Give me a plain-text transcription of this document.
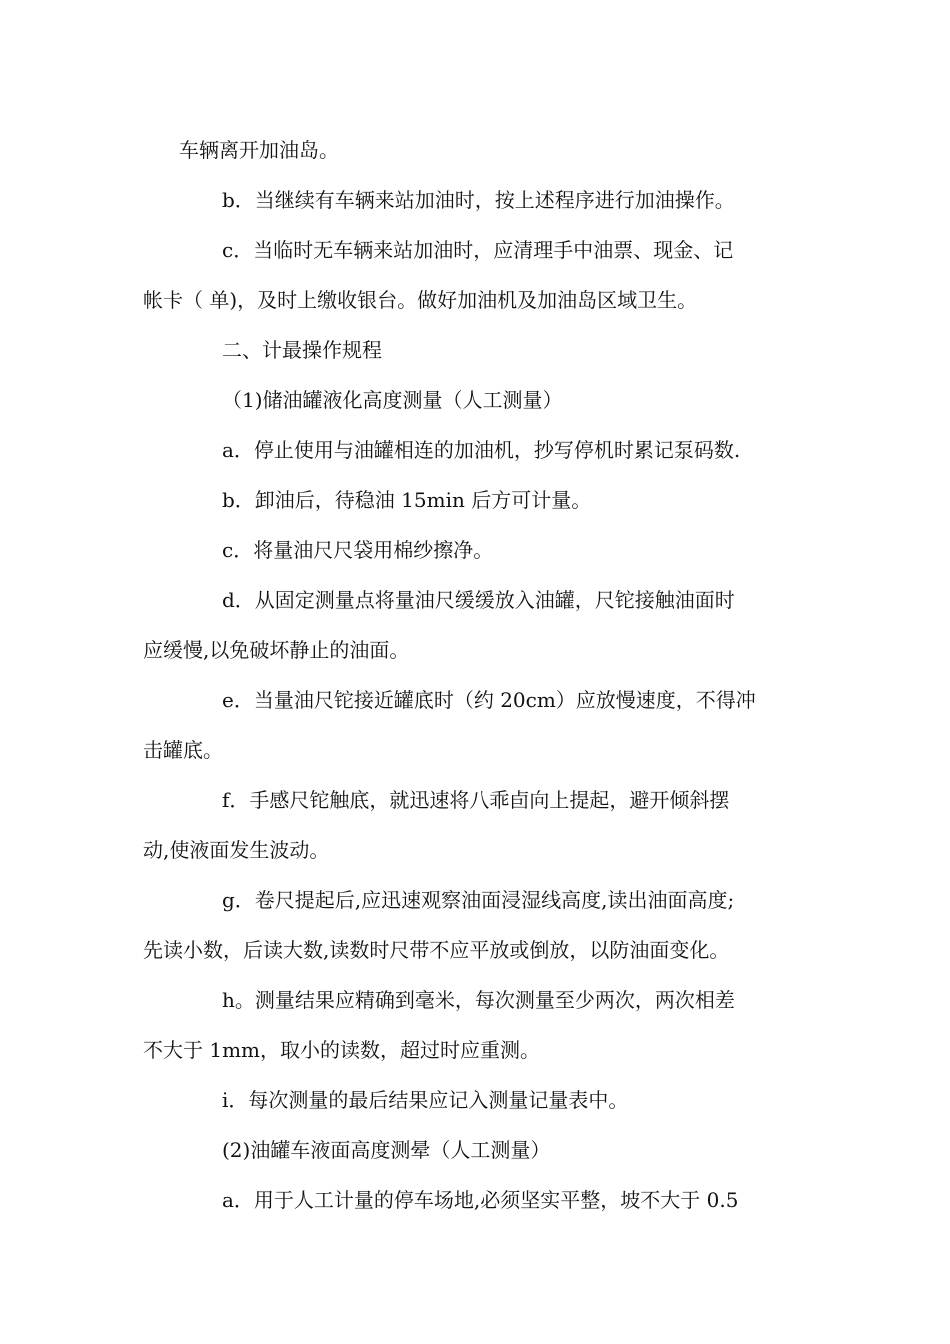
车辆离开加油岛。
b．当继续有车辆来站加油时，按上述程序进行加油操作。
c．当临时无车辆来站加油时，应清理手中油票、现金、记
帐卡（ 单)，及时上缴收银台。做好加油机及加油岛区域卫生。
二、计最操作规程
（1)储油罐液化高度测量（人工测量）
a．停止使用与油罐相连的加油机，抄写停机时累记泵码数.
b．卸油后，待稳油 15min 后方可计量。
c．将量油尺尺袋用棉纱擦净。
d．从固定测量点将量油尺缓缓放入油罐，尺铊接触油面时
应缓慢,以免破坏静止的油面。
e．当量油尺铊接近罐底时（约 20cm）应放慢速度，不得冲
击罐底。
f．手感尺铊触底，就迅速将八乖卣向上提起，避开倾斜摆
动,使液面发生波动。
g．卷尺提起后,应迅速观察油面浸湿线高度,读出油面高度;
先读小数，后读大数,读数时尺带不应平放或倒放，以防油面变化。
h。测量结果应精确到毫米，每次测量至少两次，两次相差
不大于 1mm，取小的读数，超过时应重测。
i．每次测量的最后结果应记入测量记量表中。
(2)油罐车液面高度测晕（人工测量）
a．用于人工计量的停车场地,必须坚实平整，坡不大于 0.5
